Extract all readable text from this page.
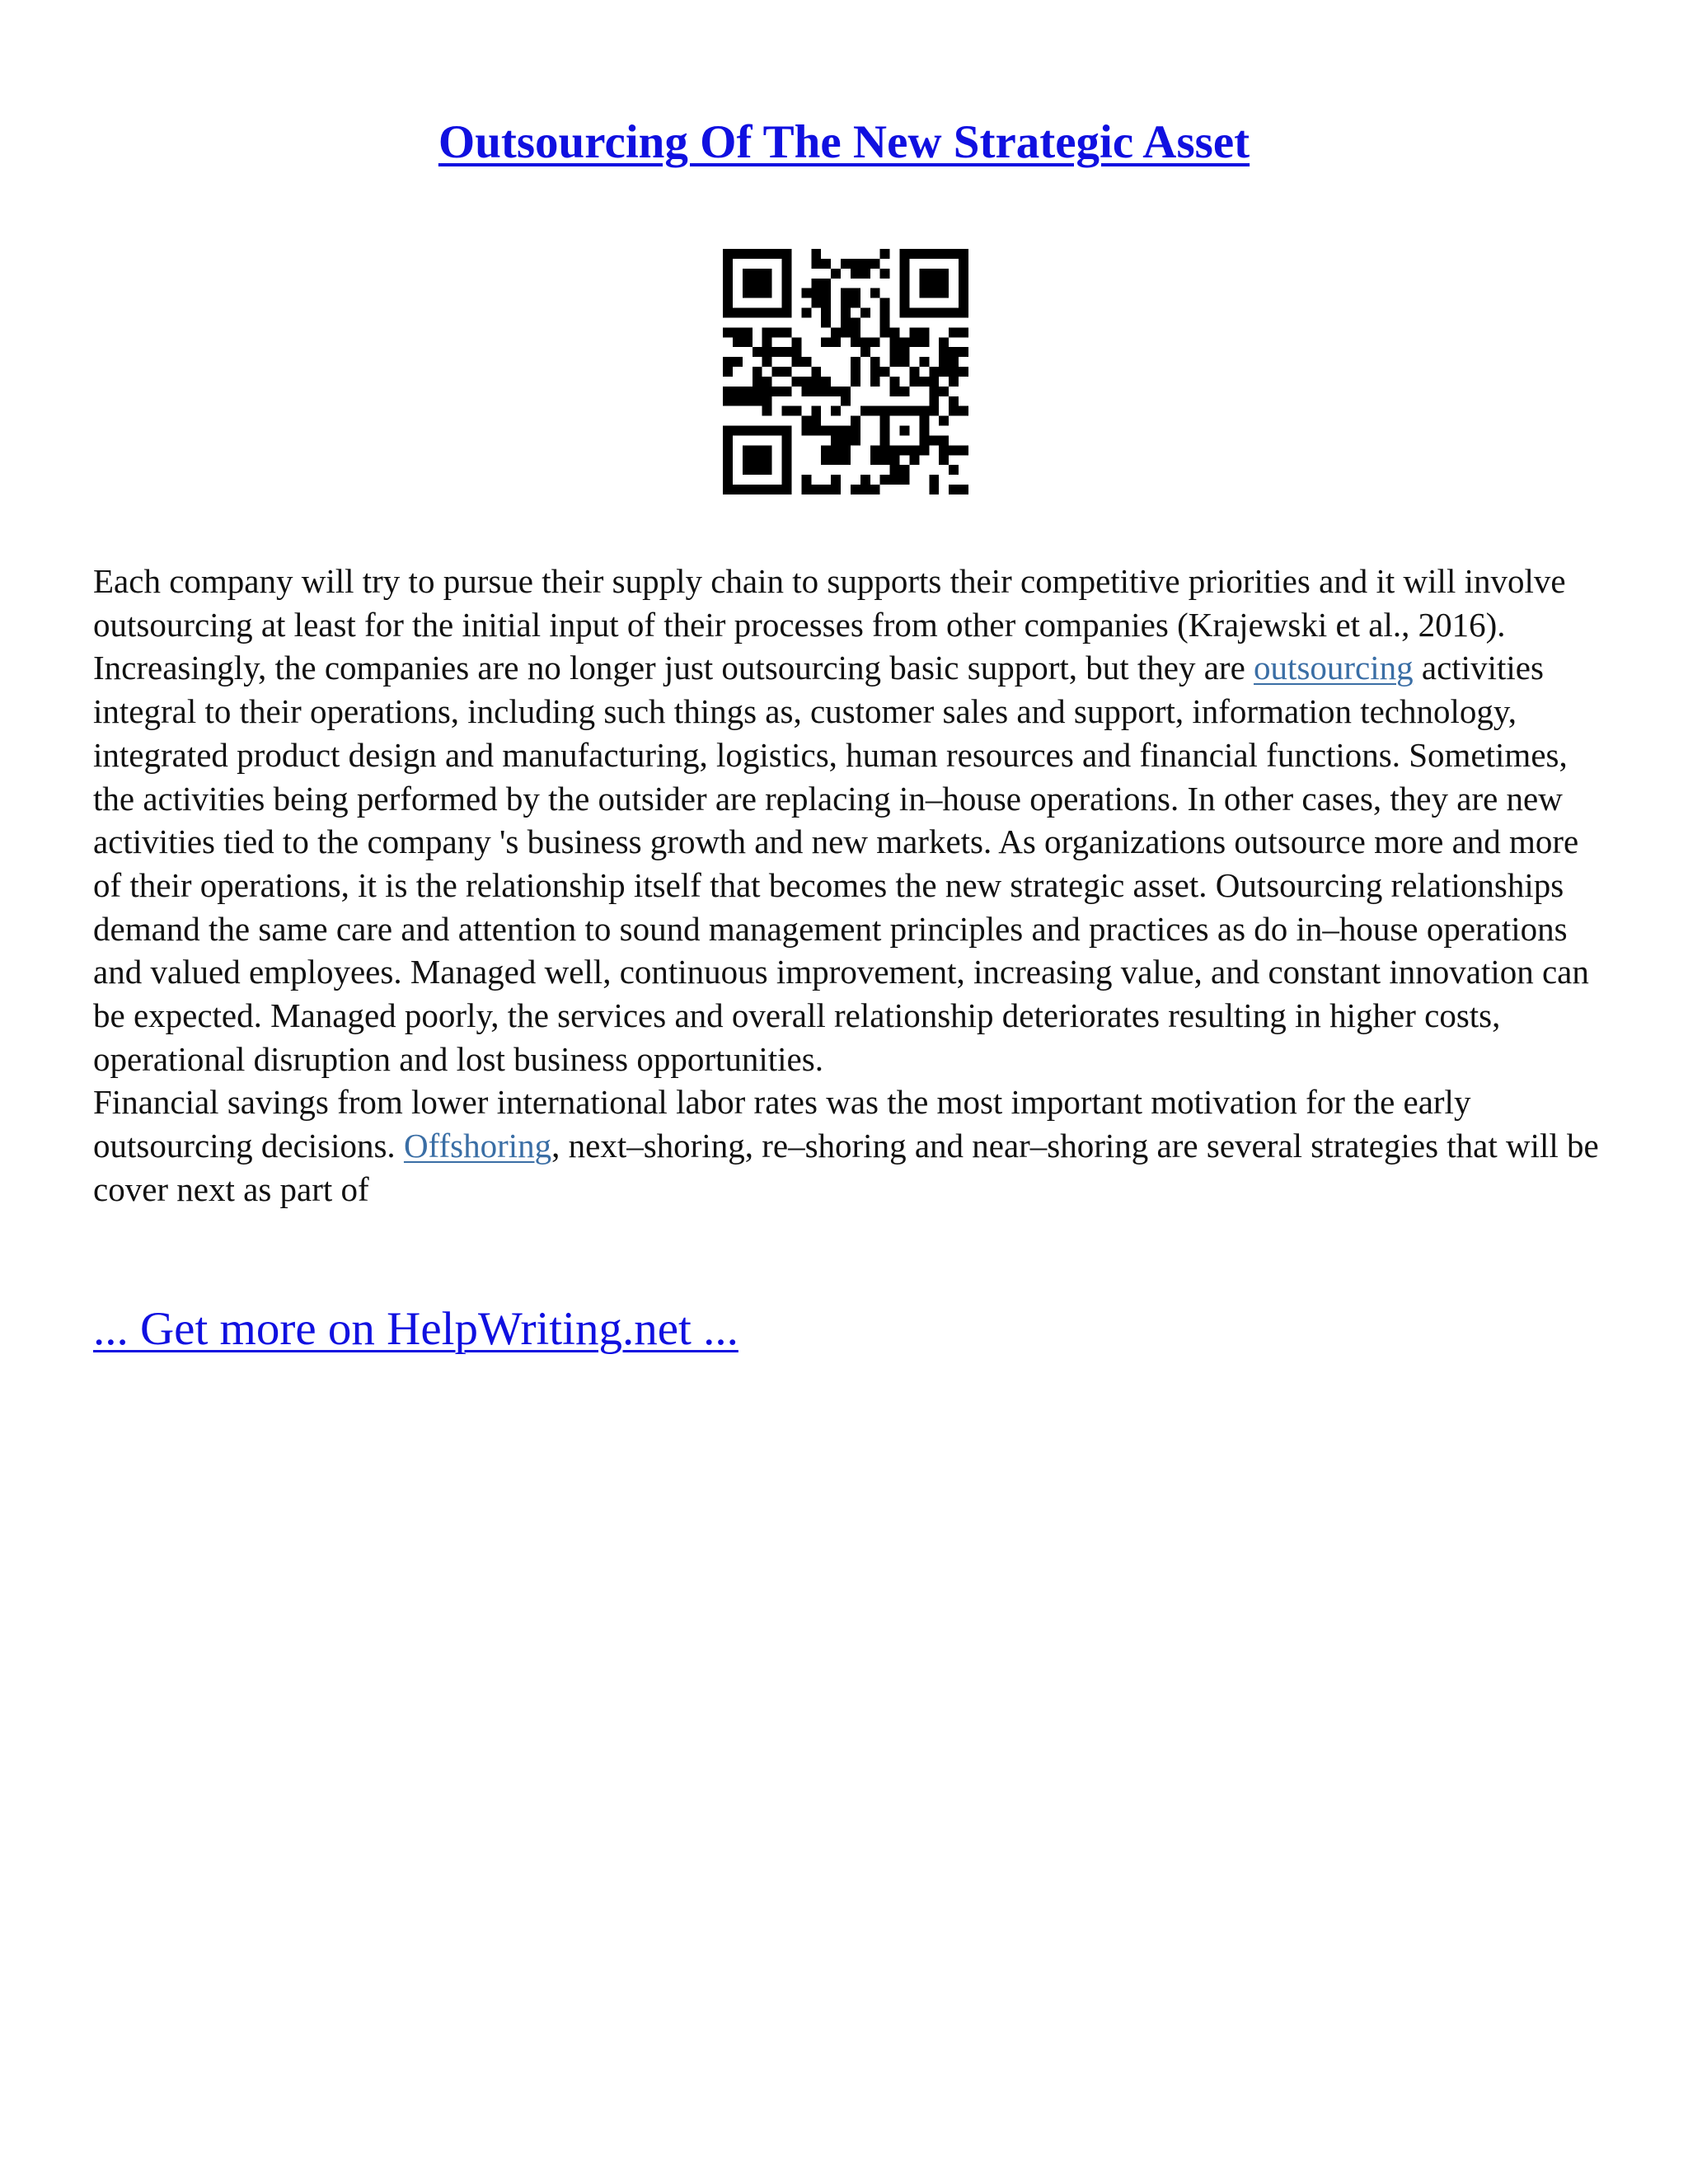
Outsourcing Of The New Strategic Asset

Each company will try to pursue their supply chain to supports their competitive priorities and it will involve outsourcing at least for the initial input of their processes from other companies (Krajewski et al., 2016). Increasingly, the companies are no longer just outsourcing basic support, but they are outsourcing activities integral to their operations, including such things as, customer sales and support, information technology, integrated product design and manufacturing, logistics, human resources and financial functions. Sometimes, the activities being performed by the outsider are replacing in–house operations. In other cases, they are new activities tied to the company 's business growth and new markets. As organizations outsource more and more of their operations, it is the relationship itself that becomes the new strategic asset. Outsourcing relationships demand the same care and attention to sound management principles and practices as do in–house operations and valued employees. Managed well, continuous improvement, increasing value, and constant innovation can be expected. Managed poorly, the services and overall relationship deteriorates resulting in higher costs, operational disruption and lost business opportunities.

Financial savings from lower international labor rates was the most important motivation for the early outsourcing decisions. Offshoring, next–shoring, re–shoring and near–shoring are several strategies that will be cover next as part of

... Get more on HelpWriting.net ...
